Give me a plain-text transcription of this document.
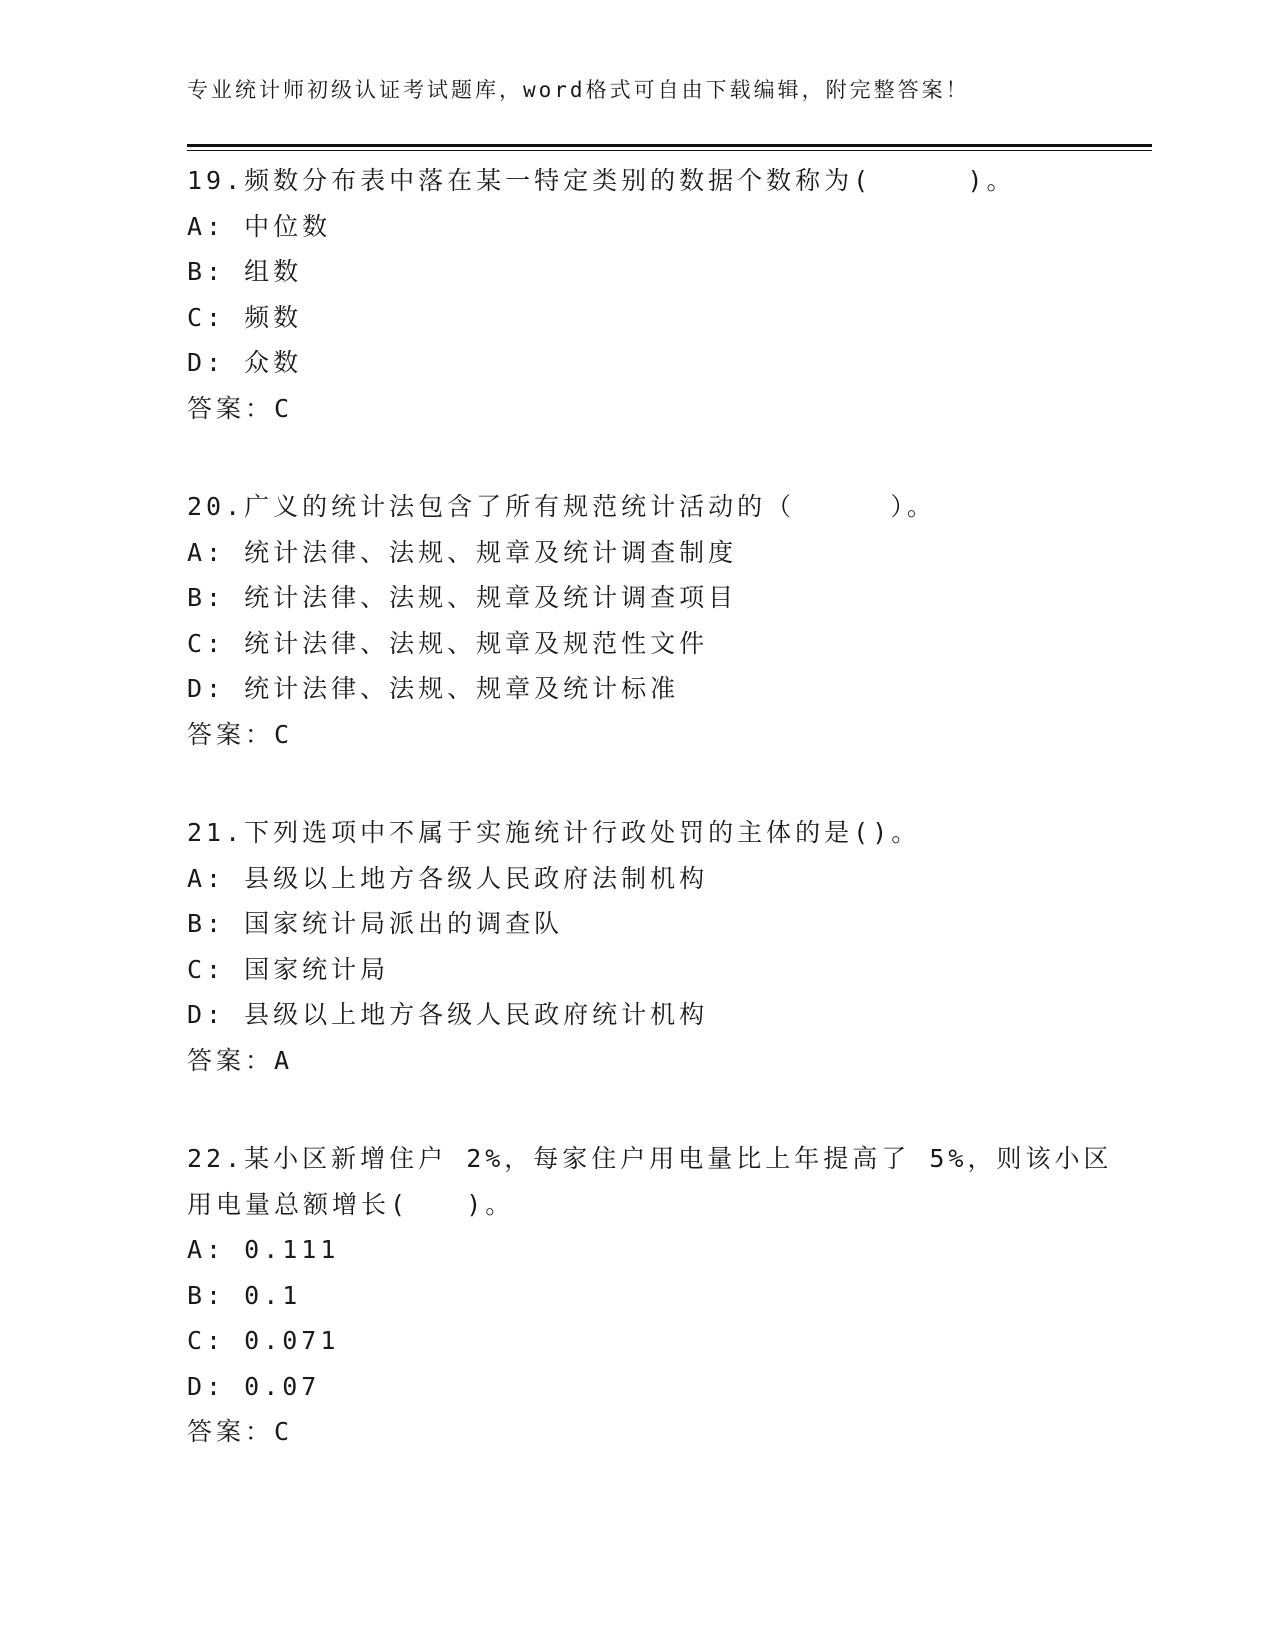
专业统计师初级认证考试题库，word格式可自由下载编辑，附完整答案！
19.频数分布表中落在某一特定类别的数据个数称为(     )。
A: 中位数
B: 组数
C: 频数
D: 众数
答案：C
20.广义的统计法包含了所有规范统计活动的（     ）。
A: 统计法律、法规、规章及统计调查制度
B: 统计法律、法规、规章及统计调查项目
C: 统计法律、法规、规章及规范性文件
D: 统计法律、法规、规章及统计标准
答案：C
21.下列选项中不属于实施统计行政处罚的主体的是()。
A: 县级以上地方各级人民政府法制机构
B: 国家统计局派出的调查队
C: 国家统计局
D: 县级以上地方各级人民政府统计机构
答案：A
22.某小区新增住户 2%，每家住户用电量比上年提高了 5%，则该小区
用电量总额增长(   )。
A: 0.111
B: 0.1
C: 0.071
D: 0.07
答案：C
